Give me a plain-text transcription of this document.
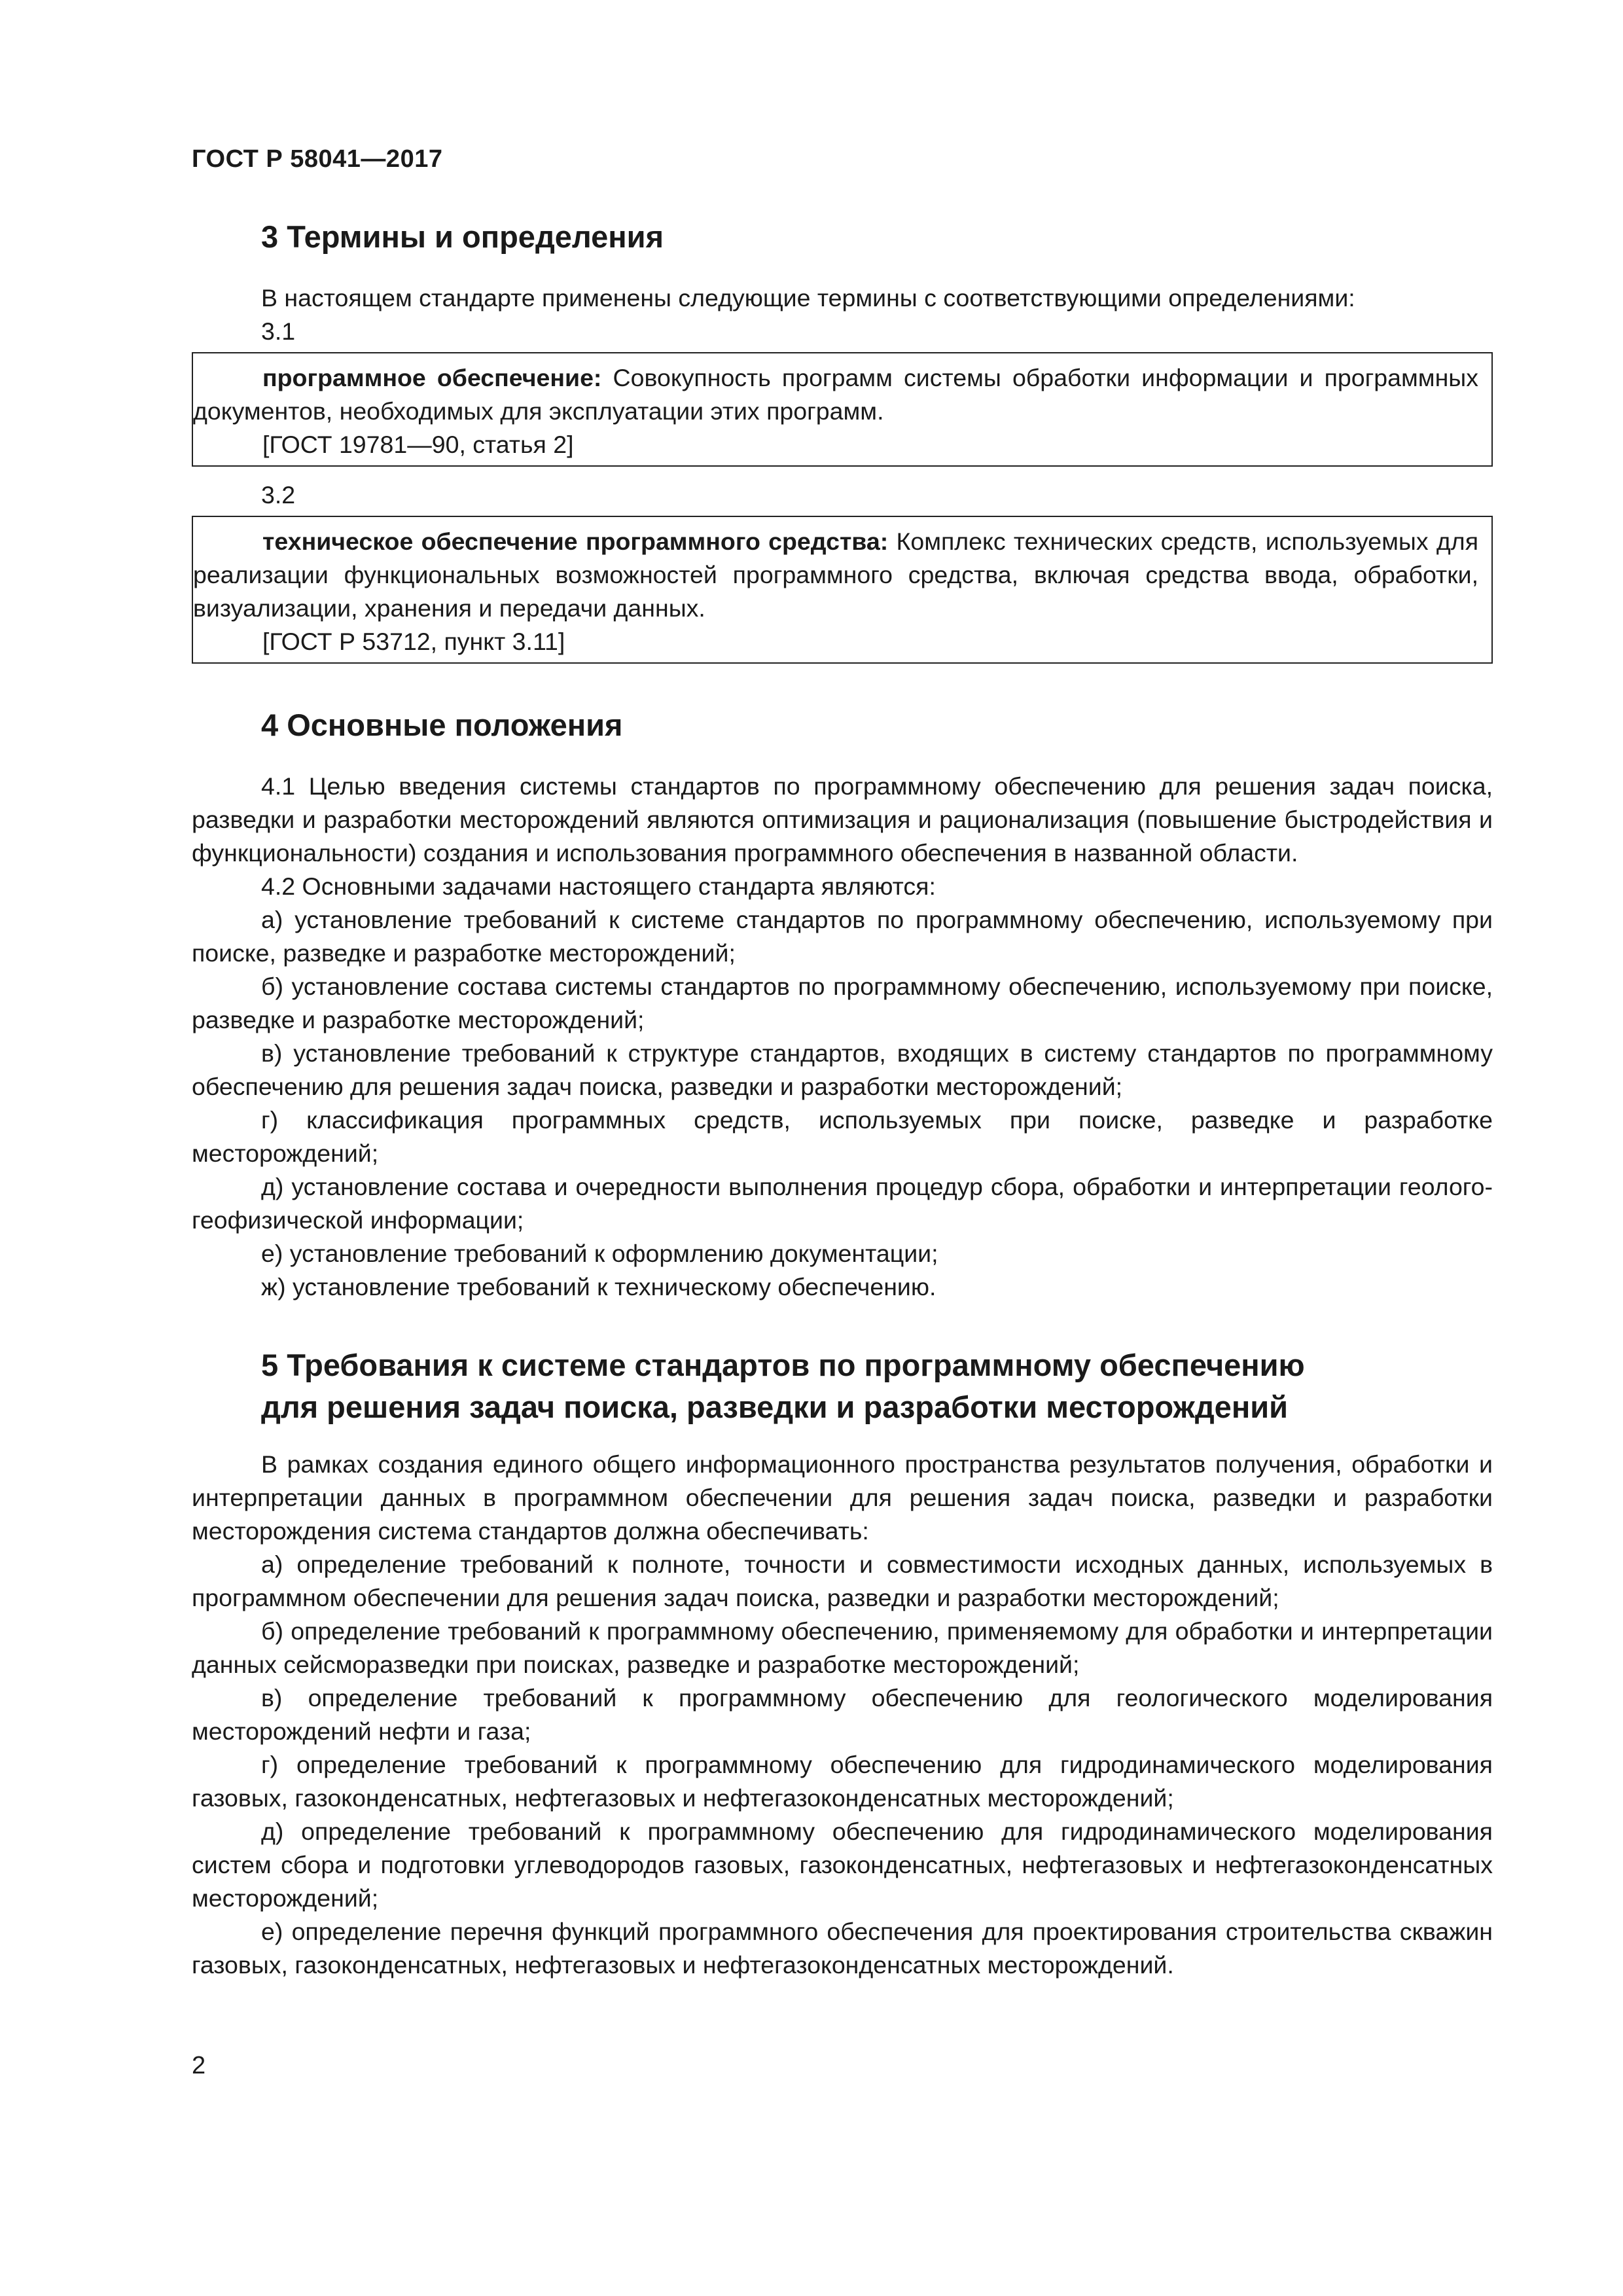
ГОСТ Р 58041—2017
3 Термины и определения

В настоящем стандарте применены следующие термины с соответствующими определениями:

3.1

программное обеспечение: Совокупность программ системы обработки информации и программных документов, необходимых для эксплуатации этих программ.

[ГОСТ 19781—90, статья 2]

3.2

техническое обеспечение программного средства: Комплекс технических средств, используемых для реализации функциональных возможностей программного средства, включая средства ввода, обработки, визуализации, хранения и передачи данных.

[ГОСТ Р 53712, пункт 3.11]

4 Основные положения

4.1 Целью введения системы стандартов по программному обеспечению для решения задач поиска, разведки и разработки месторождений являются оптимизация и рационализация (повышение быстродействия и функциональности) создания и использования программного обеспечения в названной области.

4.2 Основными задачами настоящего стандарта являются:

а) установление требований к системе стандартов по программному обеспечению, используемому при поиске, разведке и разработке месторождений;

б) установление состава системы стандартов по программному обеспечению, используемому при поиске, разведке и разработке месторождений;

в) установление требований к структуре стандартов, входящих в систему стандартов по программному обеспечению для решения задач поиска, разведки и разработки месторождений;

г) классификация программных средств, используемых при поиске, разведке и разработке месторождений;

д) установление состава и очередности выполнения процедур сбора, обработки и интерпретации геолого-геофизической информации;

е) установление требований к оформлению документации;

ж) установление требований к техническому обеспечению.

5 Требования к системе стандартов по программному обеспечению
для решения задач поиска, разведки и разработки месторождений

В рамках создания единого общего информационного пространства результатов получения, обработки и интерпретации данных в программном обеспечении для решения задач поиска, разведки и разработки месторождения система стандартов должна обеспечивать:

а) определение требований к полноте, точности и совместимости исходных данных, используемых в программном обеспечении для решения задач поиска, разведки и разработки месторождений;

б) определение требований к программному обеспечению, применяемому для обработки и интерпретации данных сейсморазведки при поисках, разведке и разработке месторождений;

в) определение требований к программному обеспечению для геологического моделирования месторождений нефти и газа;

г) определение требований к программному обеспечению для гидродинамического моделирования газовых, газоконденсатных, нефтегазовых и нефтегазоконденсатных месторождений;

д) определение требований к программному обеспечению для гидродинамического моделирования систем сбора и подготовки углеводородов газовых, газоконденсатных, нефтегазовых и нефтегазоконденсатных месторождений;

е) определение перечня функций программного обеспечения для проектирования строительства скважин газовых, газоконденсатных, нефтегазовых и нефтегазоконденсатных месторождений.

2
